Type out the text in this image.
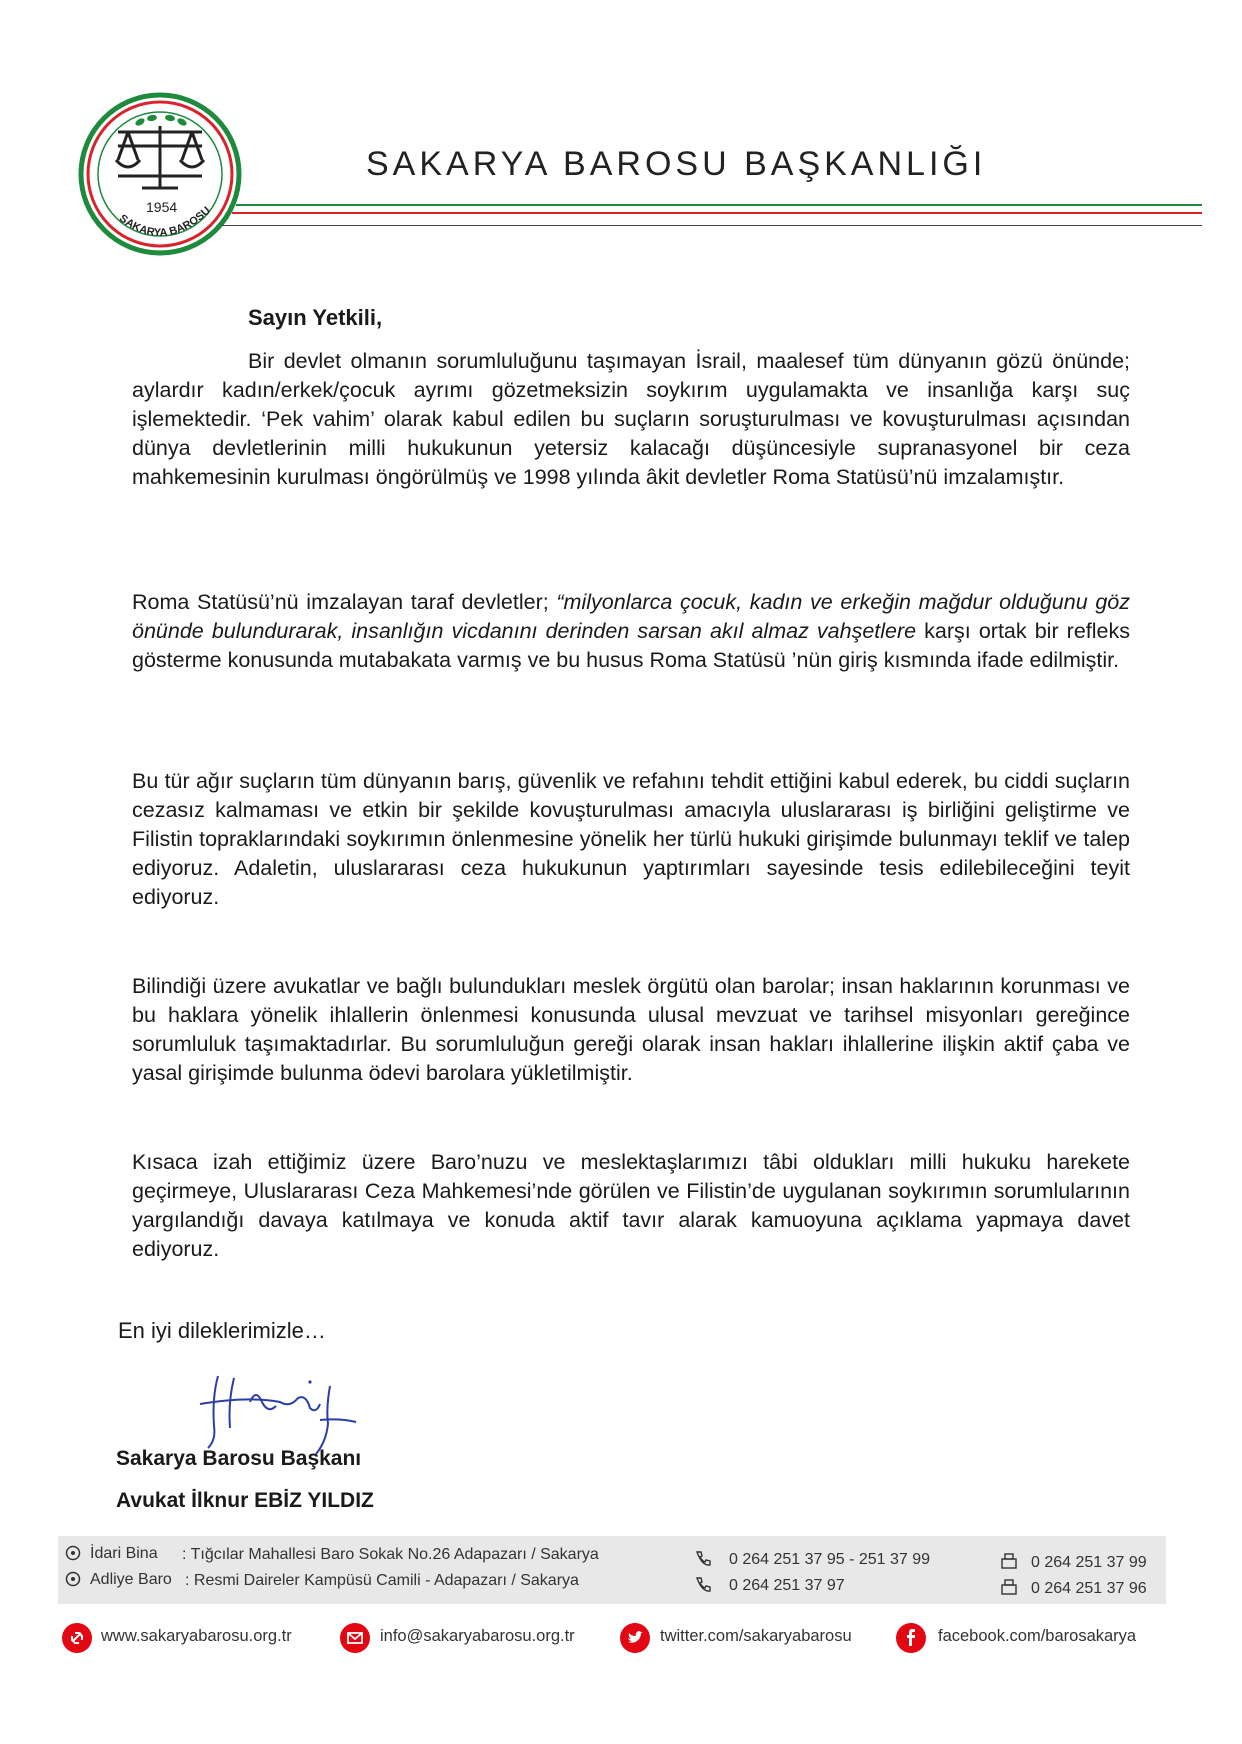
1954
SAKARYA BAROSU
SAKARYA BAROSU BAŞKANLIĞI
Sayın Yetkili,

Bir devlet olmanın sorumluluğunu taşımayan İsrail, maalesef tüm dünyanın gözü önünde; aylardır kadın/erkek/çocuk ayrımı gözetmeksizin soykırım uygulamakta ve insanlığa karşı suç işlemektedir. ‘Pek vahim’ olarak kabul edilen bu suçların soruşturulması ve kovuşturulması açısından dünya devletlerinin milli hukukunun yetersiz kalacağı düşüncesiyle supranasyonel bir ceza mahkemesinin kurulması öngörülmüş ve 1998 yılında âkit devletler Roma Statüsü’nü imzalamıştır.

Roma Statüsü’nü imzalayan taraf devletler; “milyonlarca çocuk, kadın ve erkeğin mağdur olduğunu göz önünde bulundurarak, insanlığın vicdanını derinden sarsan akıl almaz vahşetlere karşı ortak bir refleks gösterme konusunda mutabakata varmış ve bu husus Roma Statüsü ’nün giriş kısmında ifade edilmiştir.

Bu tür ağır suçların tüm dünyanın barış, güvenlik ve refahını tehdit ettiğini kabul ederek, bu ciddi suçların cezasız kalmaması ve etkin bir şekilde kovuşturulması amacıyla uluslararası iş birliğini geliştirme ve Filistin topraklarındaki soykırımın önlenmesine yönelik her türlü hukuki girişimde bulunmayı teklif ve talep ediyoruz. Adaletin, uluslararası ceza hukukunun yaptırımları sayesinde tesis edilebileceğini teyit ediyoruz.

Bilindiği üzere avukatlar ve bağlı bulundukları meslek örgütü olan barolar; insan haklarının korunması ve bu haklara yönelik ihlallerin önlenmesi konusunda ulusal mevzuat ve tarihsel misyonları gereğince sorumluluk taşımaktadırlar. Bu sorumluluğun gereği olarak insan hakları ihlallerine ilişkin aktif çaba ve yasal girişimde bulunma ödevi barolara yükletilmiştir.

Kısaca izah ettiğimiz üzere Baro’nuzu ve meslektaşlarımızı tâbi oldukları milli hukuku harekete geçirmeye, Uluslararası Ceza Mahkemesi’nde görülen ve Filistin’de uygulanan soykırımın sorumlularının yargılandığı davaya katılmaya ve konuda aktif tavır alarak kamuoyuna açıklama yapmaya davet ediyoruz.

En iyi dileklerimizle…
Sakarya Barosu Başkanı
Avukat İlknur EBİZ YILDIZ
İdari Bina : Tığcılar Mahallesi Baro Sokak No.26 Adapazarı / Sakarya
Adliye Baro : Resmi Daireler Kampüsü Camili - Adapazarı / Sakarya
0 264 251 37 95 - 251 37 99
0 264 251 37 97
0 264 251 37 99
0 264 251 37 96
www.sakaryabarosu.org.tr	info@sakaryabarosu.org.tr	twitter.com/sakaryabarosu	facebook.com/barosakarya
